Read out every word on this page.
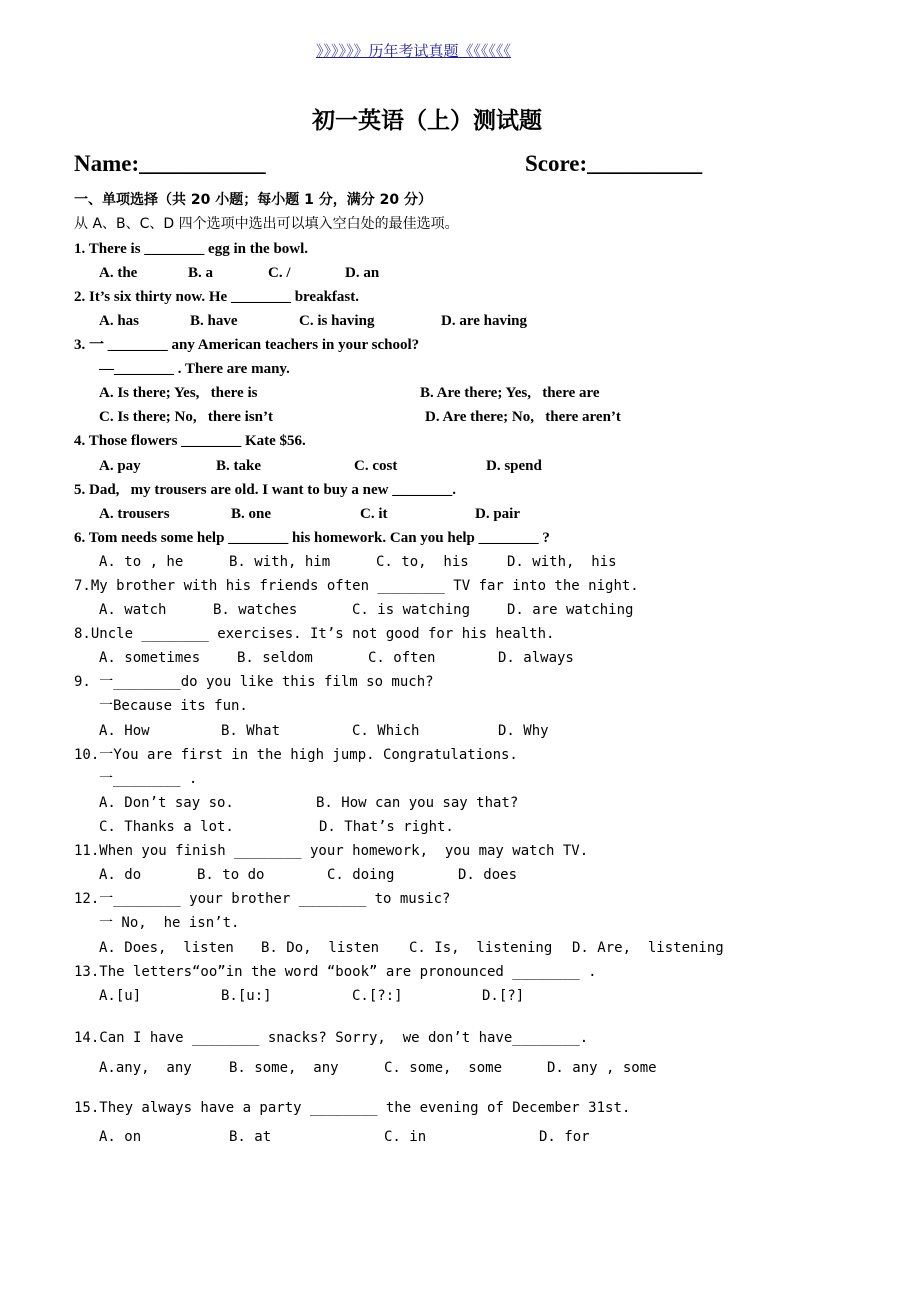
》》》》》》历年考试真题《《《《《《
初一英语（上）测试题
Name:___________	Score:__________
一、单项选择（共 20 小题；每小题 1 分，满分 20 分）
从 A、B、C、D 四个选项中选出可以填入空白处的最佳选项。
1. There is ________ egg in the bowl.

A. the

	B. a

	C. /

	D. an

2. It’s six thirty now. He ________ breakfast.

A. has

	B. have

	C. is having

	D. are having

3. 一 ________ any American teachers in your school?
—________ . There are many.

A. Is there; Yes,   there is

	B. Are there; Yes,   there are

C. Is there; No,   there isn’t

	D. Are there; No,   there aren’t

4. Those flowers ________ Kate $56.

A. pay

	B. take

	C. cost

	D. spend

5. Dad,   my trousers are old. I want to buy a new ________.

A. trousers

	B. one

	C. it

	D. pair

6. Tom needs some help ________ his homework. Can you help ________ ?

A. to , he

	B. with, him

	C. to,  his

	D. with,  his

7.My brother with his friends often ________ TV far into the night.

A. watch

	B. watches

	C. is watching

	D. are watching

8.Uncle ________ exercises. It’s not good for his health.

A. sometimes

	B. seldom

	C. often

	D. always

9. 一________do you like this film so much?
一Because its fun.

A. How

	B. What

	C. Which

	D. Why

10.一You are first in the high jump. Congratulations.
一________ .

A. Don’t say so.

	B. How can you say that?

C. Thanks a lot.

	D. That’s right.

11.When you finish ________ your homework,  you may watch TV.

A. do

	B. to do

	C. doing

	D. does

12.一________ your brother ________ to music?
一 No,  he isn’t.

A. Does,  listen

B. Do,  listen

C. Is,  listening

D. Are,  listening

13.The letters“oo”in the word “book” are pronounced ________ .

A.[u]

	B.[u:]

	C.[?:]

	D.[?]

14.Can I have ________ snacks? Sorry,  we don’t have________.

A.any,  any

	B. some,  any

	C. some,  some

	D. any , some

15.They always have a party ________ the evening of December 31st.

A. on

	B. at

	C. in

	D. for
